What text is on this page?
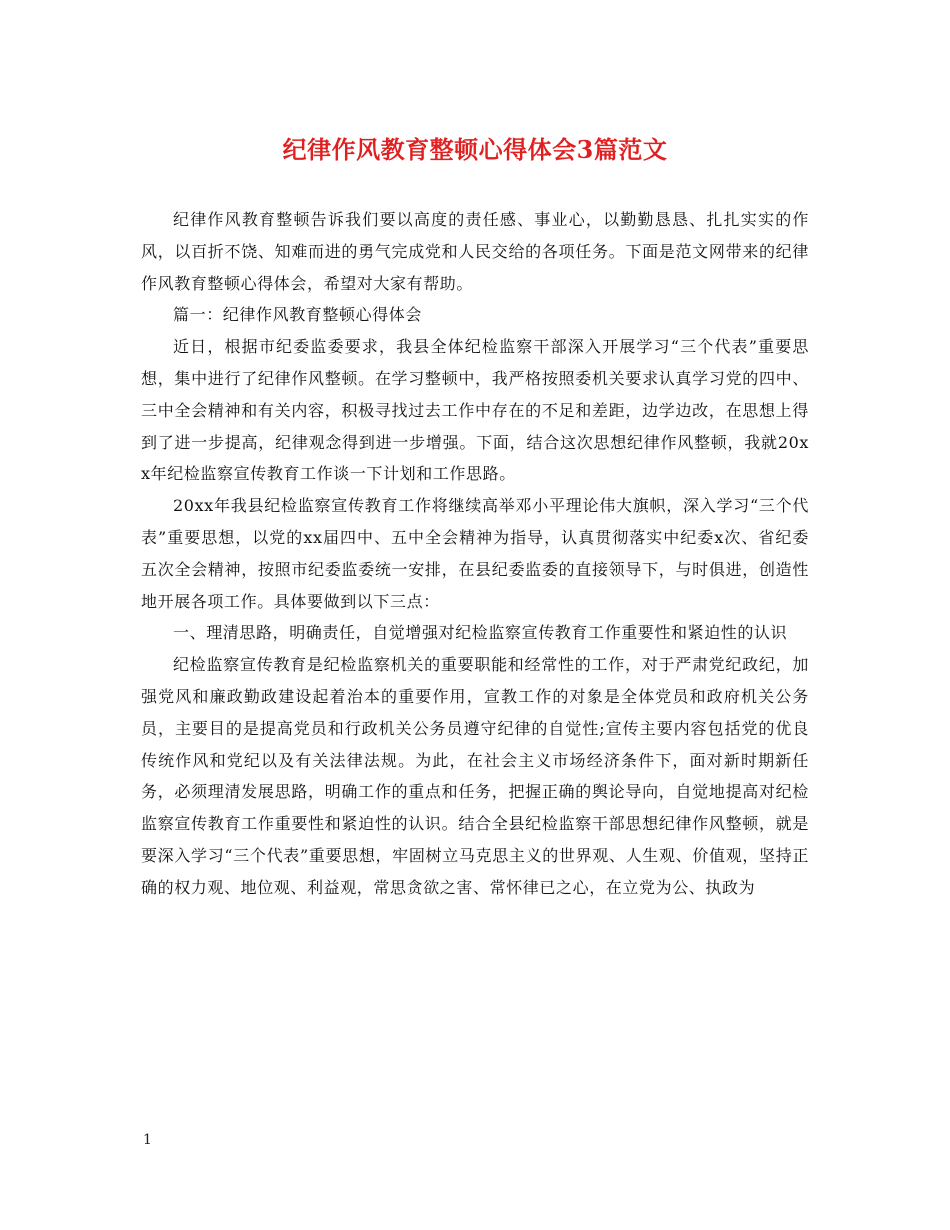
纪律作风教育整顿心得体会3篇范文

纪律作风教育整顿告诉我们要以高度的责任感、事业心，以勤勤恳恳、扎扎实实的作风，以百折不饶、知难而进的勇气完成党和人民交给的各项任务。下面是范文网带来的纪律作风教育整顿心得体会，希望对大家有帮助。

篇一：纪律作风教育整顿心得体会

近日，根据市纪委监委要求，我县全体纪检监察干部深入开展学习“三个代表”重要思想，集中进行了纪律作风整顿。在学习整顿中，我严格按照委机关要求认真学习党的四中、三中全会精神和有关内容，积极寻找过去工作中存在的不足和差距，边学边改，在思想上得到了进一步提高，纪律观念得到进一步增强。下面，结合这次思想纪律作风整顿，我就20xx年纪检监察宣传教育工作谈一下计划和工作思路。

20xx年我县纪检监察宣传教育工作将继续高举邓小平理论伟大旗帜，深入学习“三个代表”重要思想，以党的xx届四中、五中全会精神为指导，认真贯彻落实中纪委x次、省纪委五次全会精神，按照市纪委监委统一安排，在县纪委监委的直接领导下，与时俱进，创造性地开展各项工作。具体要做到以下三点：

一、理清思路，明确责任，自觉增强对纪检监察宣传教育工作重要性和紧迫性的认识

纪检监察宣传教育是纪检监察机关的重要职能和经常性的工作，对于严肃党纪政纪，加强党风和廉政勤政建设起着治本的重要作用，宣教工作的对象是全体党员和政府机关公务员，主要目的是提高党员和行政机关公务员遵守纪律的自觉性;宣传主要内容包括党的优良传统作风和党纪以及有关法律法规。为此，在社会主义市场经济条件下，面对新时期新任务，必须理清发展思路，明确工作的重点和任务，把握正确的舆论导向，自觉地提高对纪检监察宣传教育工作重要性和紧迫性的认识。结合全县纪检监察干部思想纪律作风整顿，就是要深入学习“三个代表”重要思想，牢固树立马克思主义的世界观、人生观、价值观，坚持正确的权力观、地位观、利益观，常思贪欲之害、常怀律已之心，在立党为公、执政为

1
